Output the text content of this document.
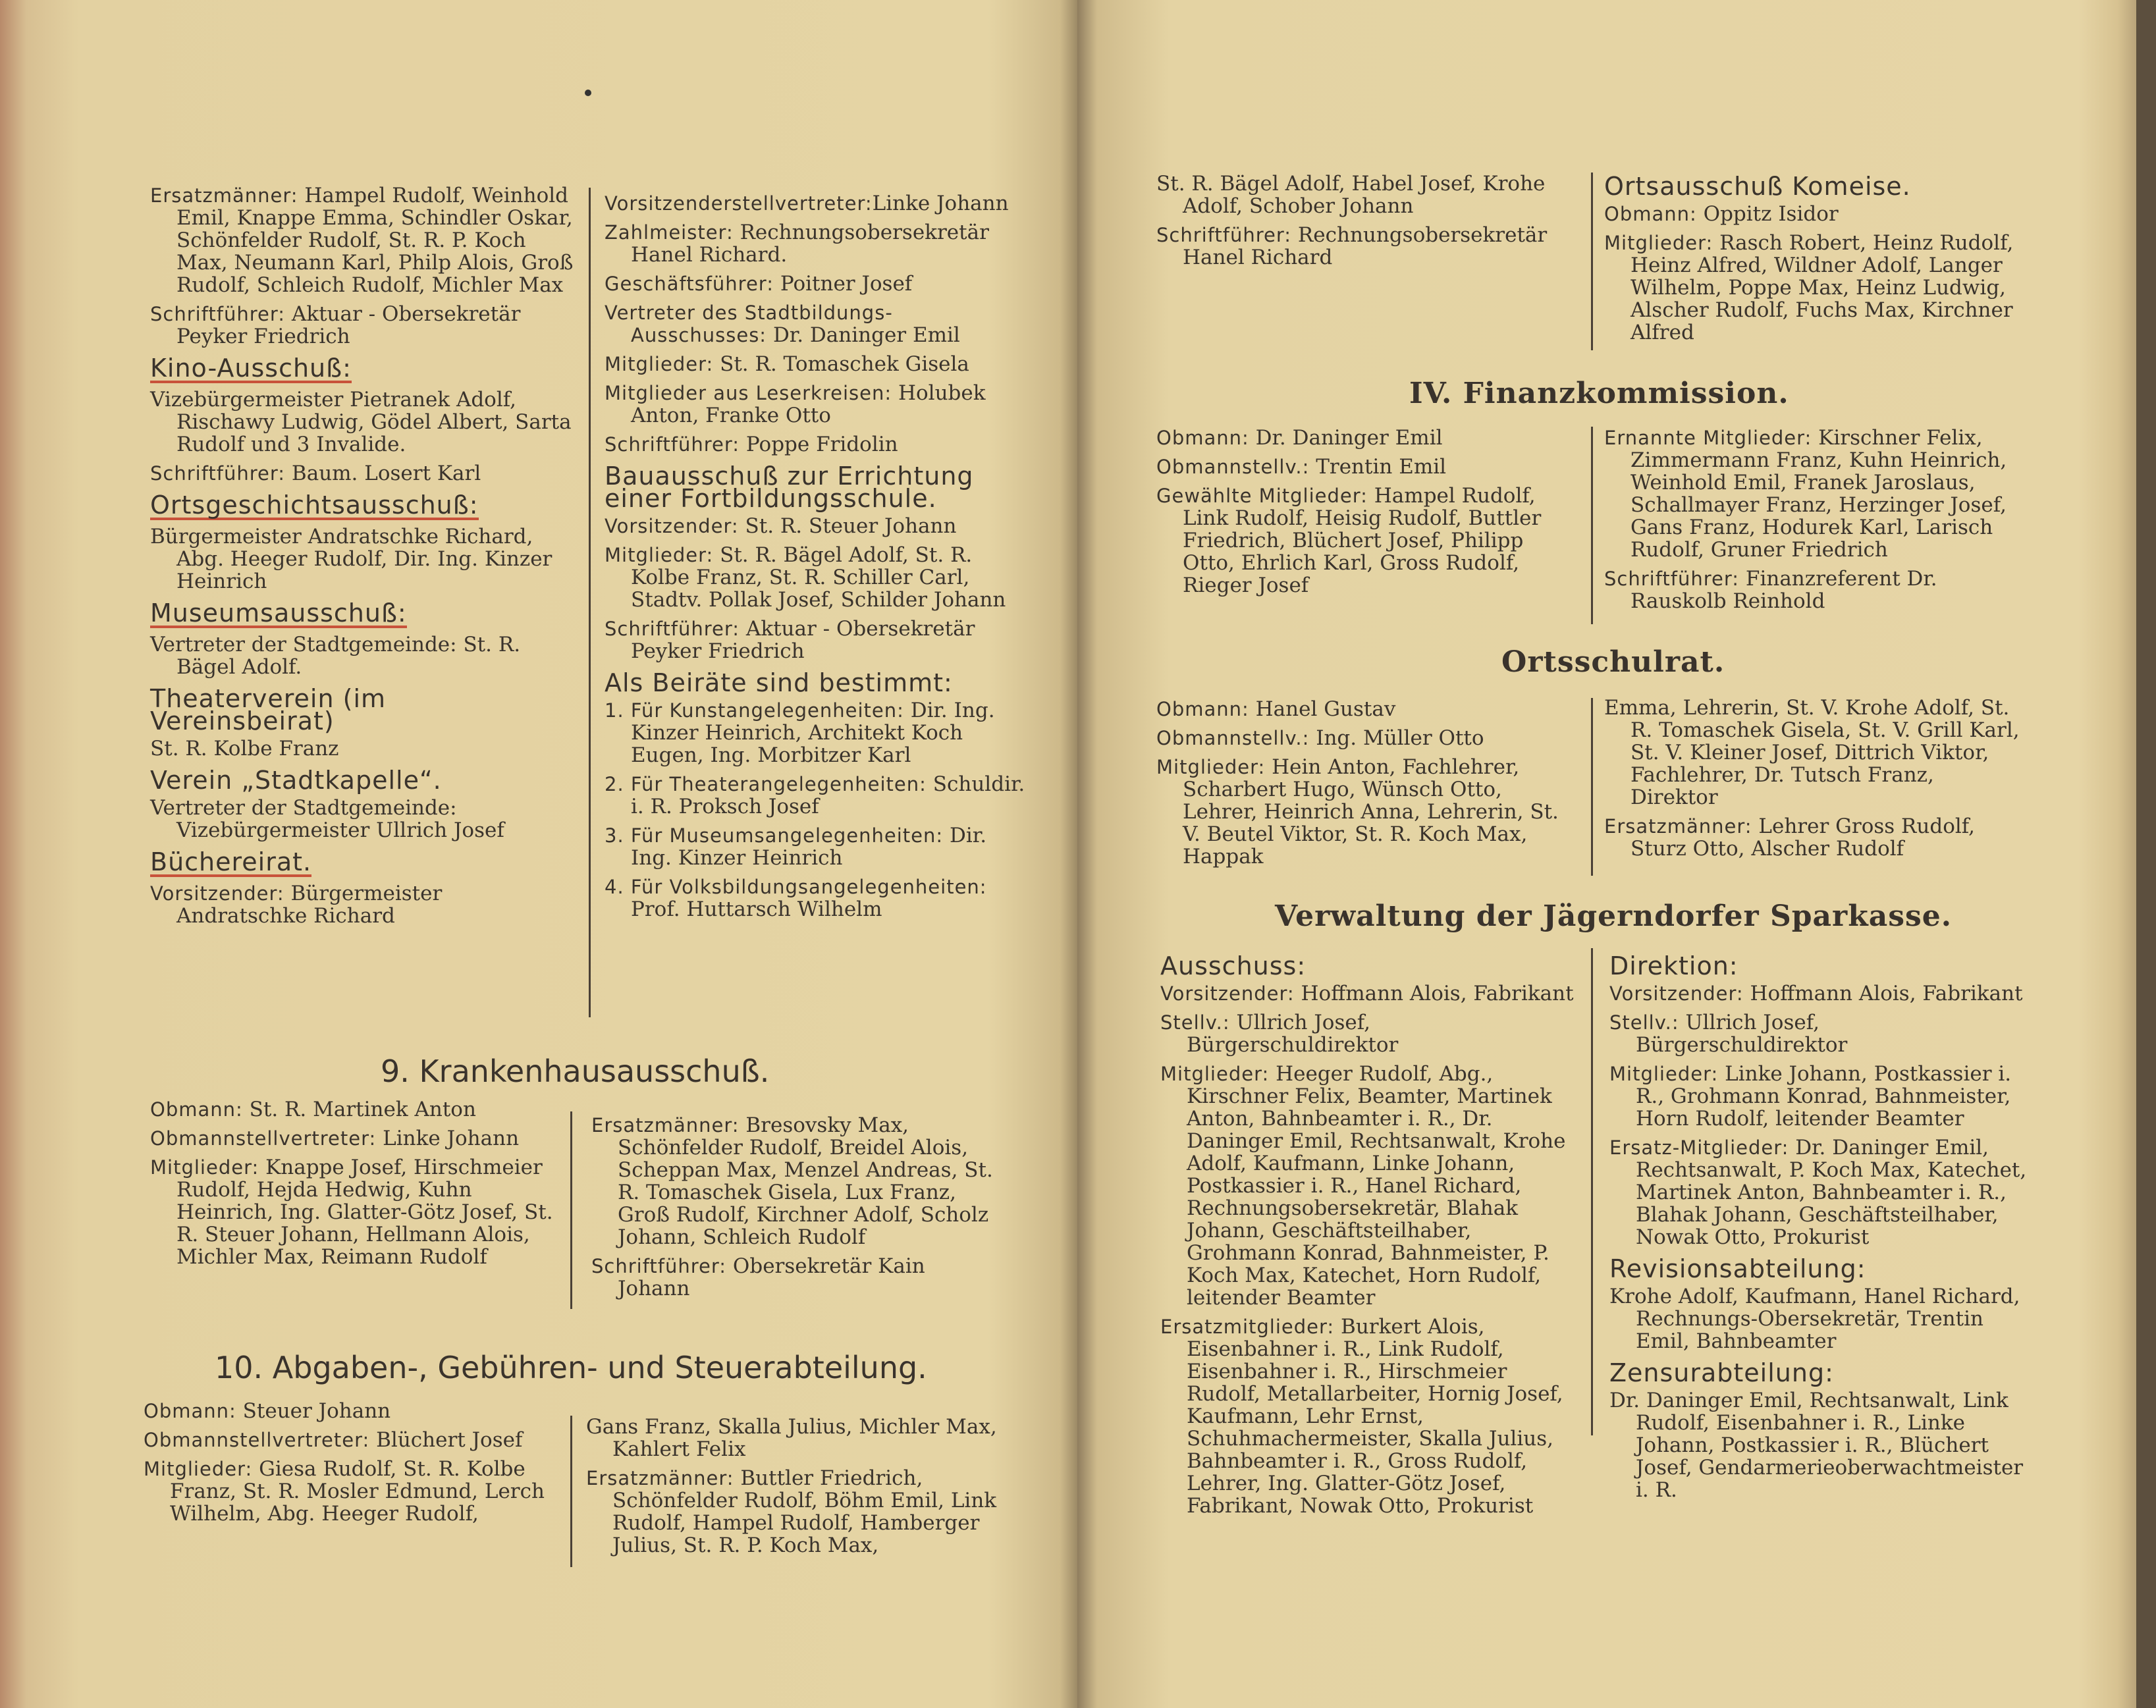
Ersatzmänner: Hampel Rudolf, Weinhold Emil, Knappe Emma, Schindler Oskar, Schönfelder Rudolf, St. R. P. Koch Max, Neumann Karl, Philp Alois, Groß Rudolf, Schleich Rudolf, Michler Max

Schriftführer: Aktuar - Obersekretär Peyker Friedrich

Kino-Ausschuß:

Vizebürgermeister Pietranek Adolf, Rischawy Ludwig, Gödel Albert, Sarta Rudolf und 3 Invalide.

Schriftführer: Baum. Losert Karl

Ortsgeschichtsausschuß:

Bürgermeister Andratschke Richard, Abg. Heeger Rudolf, Dir. Ing. Kinzer Heinrich

Museumsausschuß:

Vertreter der Stadtgemeinde: St. R. Bägel Adolf.

Theaterverein (im Vereinsbeirat)

St. R. Kolbe Franz

Verein „Stadtkapelle“.

Vertreter der Stadtgemeinde: Vizebürgermeister Ullrich Josef

Büchereirat.

Vorsitzender: Bürgermeister Andratschke Richard

Vorsitzenderstellvertreter:Linke Johann

Zahlmeister: Rechnungsobersekretär Hanel Richard.

Geschäftsführer: Poitner Josef

Vertreter des Stadtbildungs-Ausschusses: Dr. Daninger Emil

Mitglieder: St. R. Tomaschek Gisela

Mitglieder aus Leserkreisen: Holubek Anton, Franke Otto

Schriftführer: Poppe Fridolin

Bauausschuß zur Errichtung einer Fortbildungsschule.

Vorsitzender: St. R. Steuer Johann

Mitglieder: St. R. Bägel Adolf, St. R. Kolbe Franz, St. R. Schiller Carl, Stadtv. Pollak Josef, Schilder Johann

Schriftführer: Aktuar - Obersekretär Peyker Friedrich

Als Beiräte sind bestimmt:

1. Für Kunstangelegenheiten: Dir. Ing. Kinzer Heinrich, Architekt Koch Eugen, Ing. Morbitzer Karl

2. Für Theaterangelegenheiten: Schuldir. i. R. Proksch Josef

3. Für Museumsangelegenheiten: Dir. Ing. Kinzer Heinrich

4. Für Volksbildungsangelegenheiten: Prof. Huttarsch Wilhelm

9. Krankenhausausschuß.

Obmann: St. R. Martinek Anton

Obmannstellvertreter: Linke Johann

Mitglieder: Knappe Josef, Hirschmeier Rudolf, Hejda Hedwig, Kuhn Heinrich, Ing. Glatter-Götz Josef, St. R. Steuer Johann, Hellmann Alois, Michler Max, Reimann Rudolf

Ersatzmänner: Bresovsky Max, Schönfelder Rudolf, Breidel Alois, Scheppan Max, Menzel Andreas, St. R. Tomaschek Gisela, Lux Franz, Groß Rudolf, Kirchner Adolf, Scholz Johann, Schleich Rudolf

Schriftführer: Obersekretär Kain Johann

10. Abgaben-, Gebühren- und Steuerabteilung.

Obmann: Steuer Johann

Obmannstellvertreter: Blüchert Josef

Mitglieder: Giesa Rudolf, St. R. Kolbe Franz, St. R. Mosler Edmund, Lerch Wilhelm, Abg. Heeger Rudolf,

Gans Franz, Skalla Julius, Michler Max, Kahlert Felix

Ersatzmänner: Buttler Friedrich, Schönfelder Rudolf, Böhm Emil, Link Rudolf, Hampel Rudolf, Hamberger Julius, St. R. P. Koch Max,

St. R. Bägel Adolf, Habel Josef, Krohe Adolf, Schober Johann

Schriftführer: Rechnungsobersekretär Hanel Richard

Ortsausschuß Komeise.

Obmann: Oppitz Isidor

Mitglieder: Rasch Robert, Heinz Rudolf, Heinz Alfred, Wildner Adolf, Langer Wilhelm, Poppe Max, Heinz Ludwig, Alscher Rudolf, Fuchs Max, Kirchner Alfred

IV. Finanzkommission.

Obmann: Dr. Daninger Emil

Obmannstellv.: Trentin Emil

Gewählte Mitglieder: Hampel Rudolf, Link Rudolf, Heisig Rudolf, Buttler Friedrich, Blüchert Josef, Philipp Otto, Ehrlich Karl, Gross Rudolf, Rieger Josef

Ernannte Mitglieder: Kirschner Felix, Zimmermann Franz, Kuhn Heinrich, Weinhold Emil, Franek Jaroslaus, Schallmayer Franz, Herzinger Josef, Gans Franz, Hodurek Karl, Larisch Rudolf, Gruner Friedrich

Schriftführer: Finanzreferent Dr. Rauskolb Reinhold

Ortsschulrat.

Obmann: Hanel Gustav

Obmannstellv.: Ing. Müller Otto

Mitglieder: Hein Anton, Fachlehrer, Scharbert Hugo, Wünsch Otto, Lehrer, Heinrich Anna, Lehrerin, St. V. Beutel Viktor, St. R. Koch Max, Happak

Emma, Lehrerin, St. V. Krohe Adolf, St. R. Tomaschek Gisela, St. V. Grill Karl, St. V. Kleiner Josef, Dittrich Viktor, Fachlehrer, Dr. Tutsch Franz, Direktor

Ersatzmänner: Lehrer Gross Rudolf, Sturz Otto, Alscher Rudolf

Verwaltung der Jägerndorfer Sparkasse.
Ausschuss:

Vorsitzender: Hoffmann Alois, Fabrikant

Stellv.: Ullrich Josef, Bürgerschuldirektor

Mitglieder: Heeger Rudolf, Abg., Kirschner Felix, Beamter, Martinek Anton, Bahnbeamter i. R., Dr. Daninger Emil, Rechtsanwalt, Krohe Adolf, Kaufmann, Linke Johann, Postkassier i. R., Hanel Richard, Rechnungsobersekretär, Blahak Johann, Geschäftsteilhaber, Grohmann Konrad, Bahnmeister, P. Koch Max, Katechet, Horn Rudolf, leitender Beamter

Ersatzmitglieder: Burkert Alois, Eisenbahner i. R., Link Rudolf, Eisenbahner i. R., Hirschmeier Rudolf, Metallarbeiter, Hornig Josef, Kaufmann, Lehr Ernst, Schuhmachermeister, Skalla Julius, Bahnbeamter i. R., Gross Rudolf, Lehrer, Ing. Glatter-Götz Josef, Fabrikant, Nowak Otto, Prokurist

Direktion:

Vorsitzender: Hoffmann Alois, Fabrikant

Stellv.: Ullrich Josef, Bürgerschuldirektor

Mitglieder: Linke Johann, Postkassier i. R., Grohmann Konrad, Bahnmeister, Horn Rudolf, leitender Beamter

Ersatz-Mitglieder: Dr. Daninger Emil, Rechtsanwalt, P. Koch Max, Katechet, Martinek Anton, Bahnbeamter i. R., Blahak Johann, Geschäftsteilhaber, Nowak Otto, Prokurist

Revisionsabteilung:

Krohe Adolf, Kaufmann, Hanel Richard, Rechnungs-Obersekretär, Trentin Emil, Bahnbeamter

Zensurabteilung:

Dr. Daninger Emil, Rechtsanwalt, Link Rudolf, Eisenbahner i. R., Linke Johann, Postkassier i. R., Blüchert Josef, Gendarmerieoberwachtmeister i. R.
